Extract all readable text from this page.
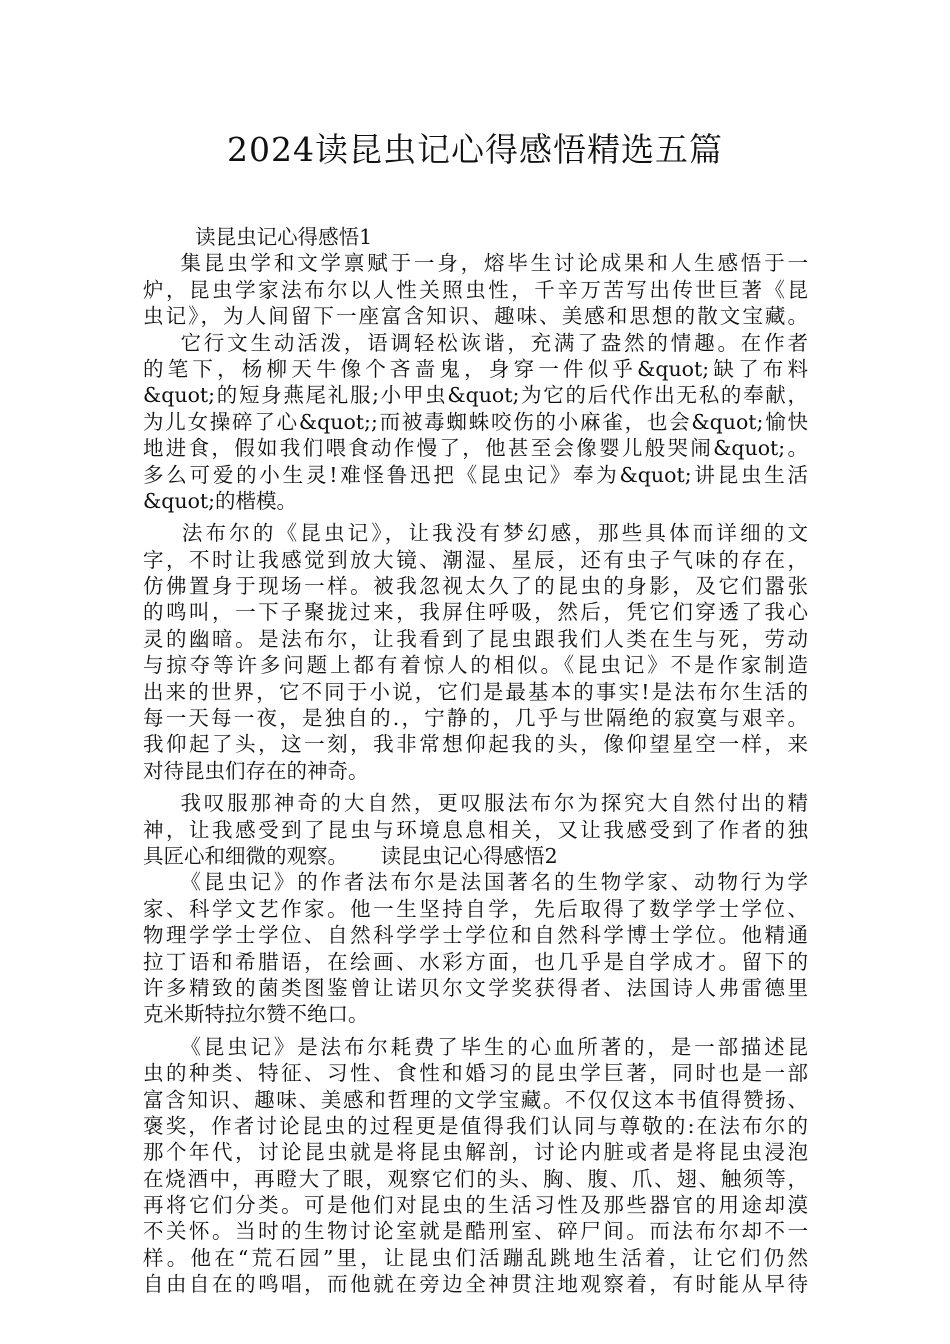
2024读昆虫记心得感悟精选五篇
读昆虫记心得感悟1
集昆虫学和文学禀赋于一身，熔毕生讨论成果和人生感悟于一
炉，昆虫学家法布尔以人性关照虫性，千辛万苦写出传世巨著《昆
虫记》，为人间留下一座富含知识、趣味、美感和思想的散文宝藏。
它行文生动活泼，语调轻松诙谐，充满了盎然的情趣。在作者
的笔下，杨柳天牛像个吝啬鬼，身穿一件似乎&quot;缺了布料
&quot;的短身燕尾礼服;小甲虫&quot;为它的后代作出无私的奉献，
为儿女操碎了心&quot;;而被毒蜘蛛咬伤的小麻雀，也会&quot;愉快
地进食，假如我们喂食动作慢了，他甚至会像婴儿般哭闹&quot;。
多么可爱的小生灵!难怪鲁迅把《昆虫记》奉为&quot;讲昆虫生活
&quot;的楷模。
法布尔的《昆虫记》，让我没有梦幻感，那些具体而详细的文
字，不时让我感觉到放大镜、潮湿、星辰，还有虫子气味的存在，
仿佛置身于现场一样。被我忽视太久了的昆虫的身影，及它们嚣张
的鸣叫，一下子聚拢过来，我屏住呼吸，然后，凭它们穿透了我心
灵的幽暗。是法布尔，让我看到了昆虫跟我们人类在生与死，劳动
与掠夺等许多问题上都有着惊人的相似。《昆虫记》不是作家制造
出来的世界，它不同于小说，它们是最基本的事实!是法布尔生活的
每一天每一夜，是独自的.，宁静的，几乎与世隔绝的寂寞与艰辛。
我仰起了头，这一刻，我非常想仰起我的头，像仰望星空一样，来
对待昆虫们存在的神奇。
我叹服那神奇的大自然，更叹服法布尔为探究大自然付出的精
神，让我感受到了昆虫与环境息息相关，又让我感受到了作者的独
具匠心和细微的观察。     读昆虫记心得感悟2
《昆虫记》的作者法布尔是法国著名的生物学家、动物行为学
家、科学文艺作家。他一生坚持自学，先后取得了数学学士学位、
物理学学士学位、自然科学学士学位和自然科学博士学位。他精通
拉丁语和希腊语，在绘画、水彩方面，也几乎是自学成才。留下的
许多精致的菌类图鉴曾让诺贝尔文学奖获得者、法国诗人弗雷德里
克米斯特拉尔赞不绝口。
《昆虫记》是法布尔耗费了毕生的心血所著的，是一部描述昆
虫的种类、特征、习性、食性和婚习的昆虫学巨著，同时也是一部
富含知识、趣味、美感和哲理的文学宝藏。不仅仅这本书值得赞扬、
褒奖，作者讨论昆虫的过程更是值得我们认同与尊敬的:在法布尔的
那个年代，讨论昆虫就是将昆虫解剖，讨论内脏或者是将昆虫浸泡
在烧酒中，再瞪大了眼，观察它们的头、胸、腹、爪、翅、触须等，
再将它们分类。可是他们对昆虫的生活习性及那些器官的用途却漠
不关怀。当时的生物讨论室就是酷刑室、碎尸间。而法布尔却不一
样。他在“荒石园”里，让昆虫们活蹦乱跳地生活着，让它们仍然
自由自在的鸣唱，而他就在旁边全神贯注地观察着，有时能从早待
